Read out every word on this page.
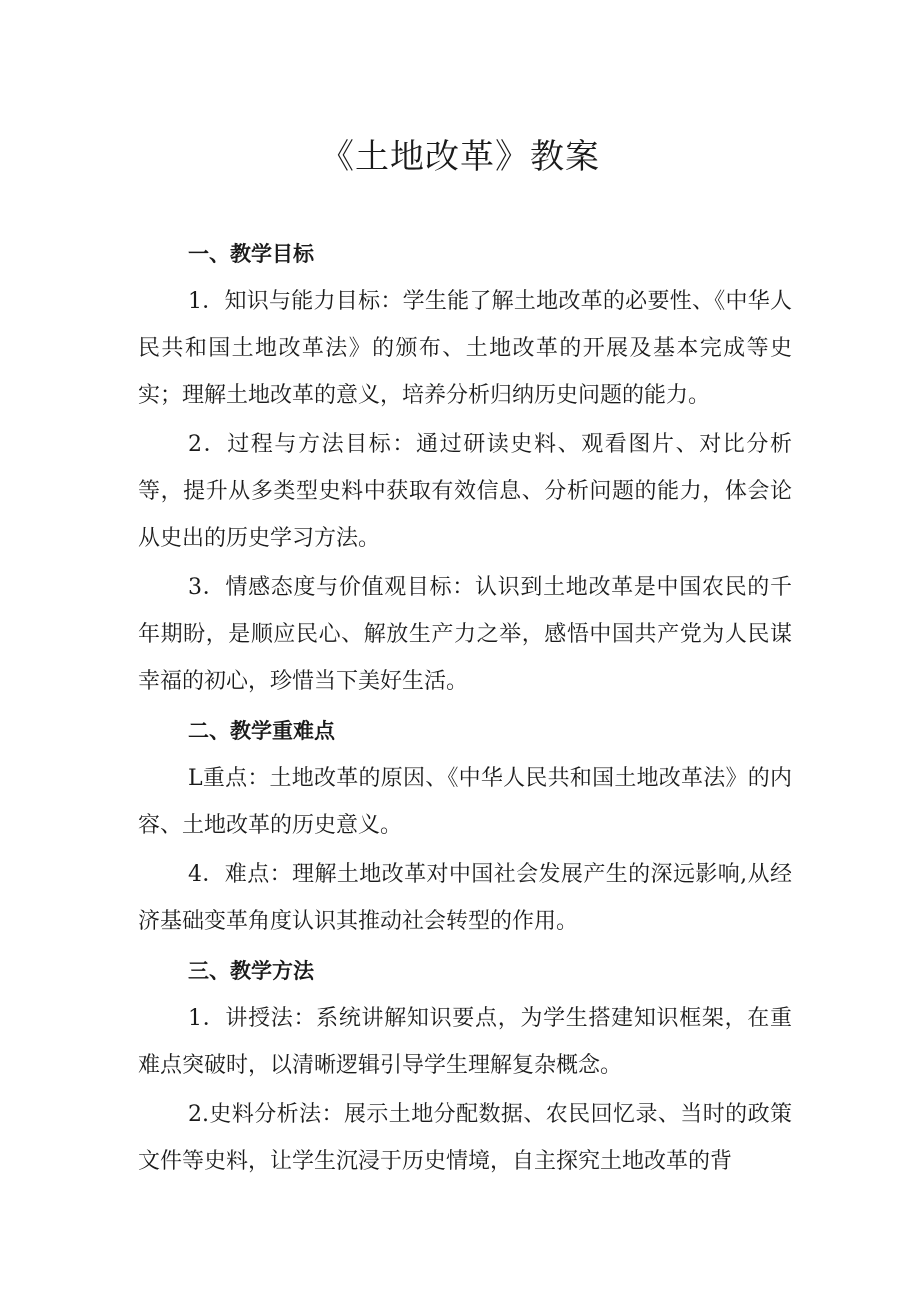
《土地改革》教案
一、教学目标

1．知识与能力目标：学生能了解土地改革的必要性、《中华人民共和国土地改革法》的颁布、土地改革的开展及基本完成等史实；理解土地改革的意义，培养分析归纳历史问题的能力。

2．过程与方法目标：通过研读史料、观看图片、对比分析等，提升从多类型史料中获取有效信息、分析问题的能力，体会论从史出的历史学习方法。

3．情感态度与价值观目标：认识到土地改革是中国农民的千年期盼，是顺应民心、解放生产力之举，感悟中国共产党为人民谋幸福的初心，珍惜当下美好生活。

二、教学重难点

L重点：土地改革的原因、《中华人民共和国土地改革法》的内容、土地改革的历史意义。

4．难点：理解土地改革对中国社会发展产生的深远影响,从经济基础变革角度认识其推动社会转型的作用。

三、教学方法

1．讲授法：系统讲解知识要点，为学生搭建知识框架，在重难点突破时，以清晰逻辑引导学生理解复杂概念。

2.史料分析法：展示土地分配数据、农民回忆录、当时的政策文件等史料，让学生沉浸于历史情境，自主探究土地改革的背
